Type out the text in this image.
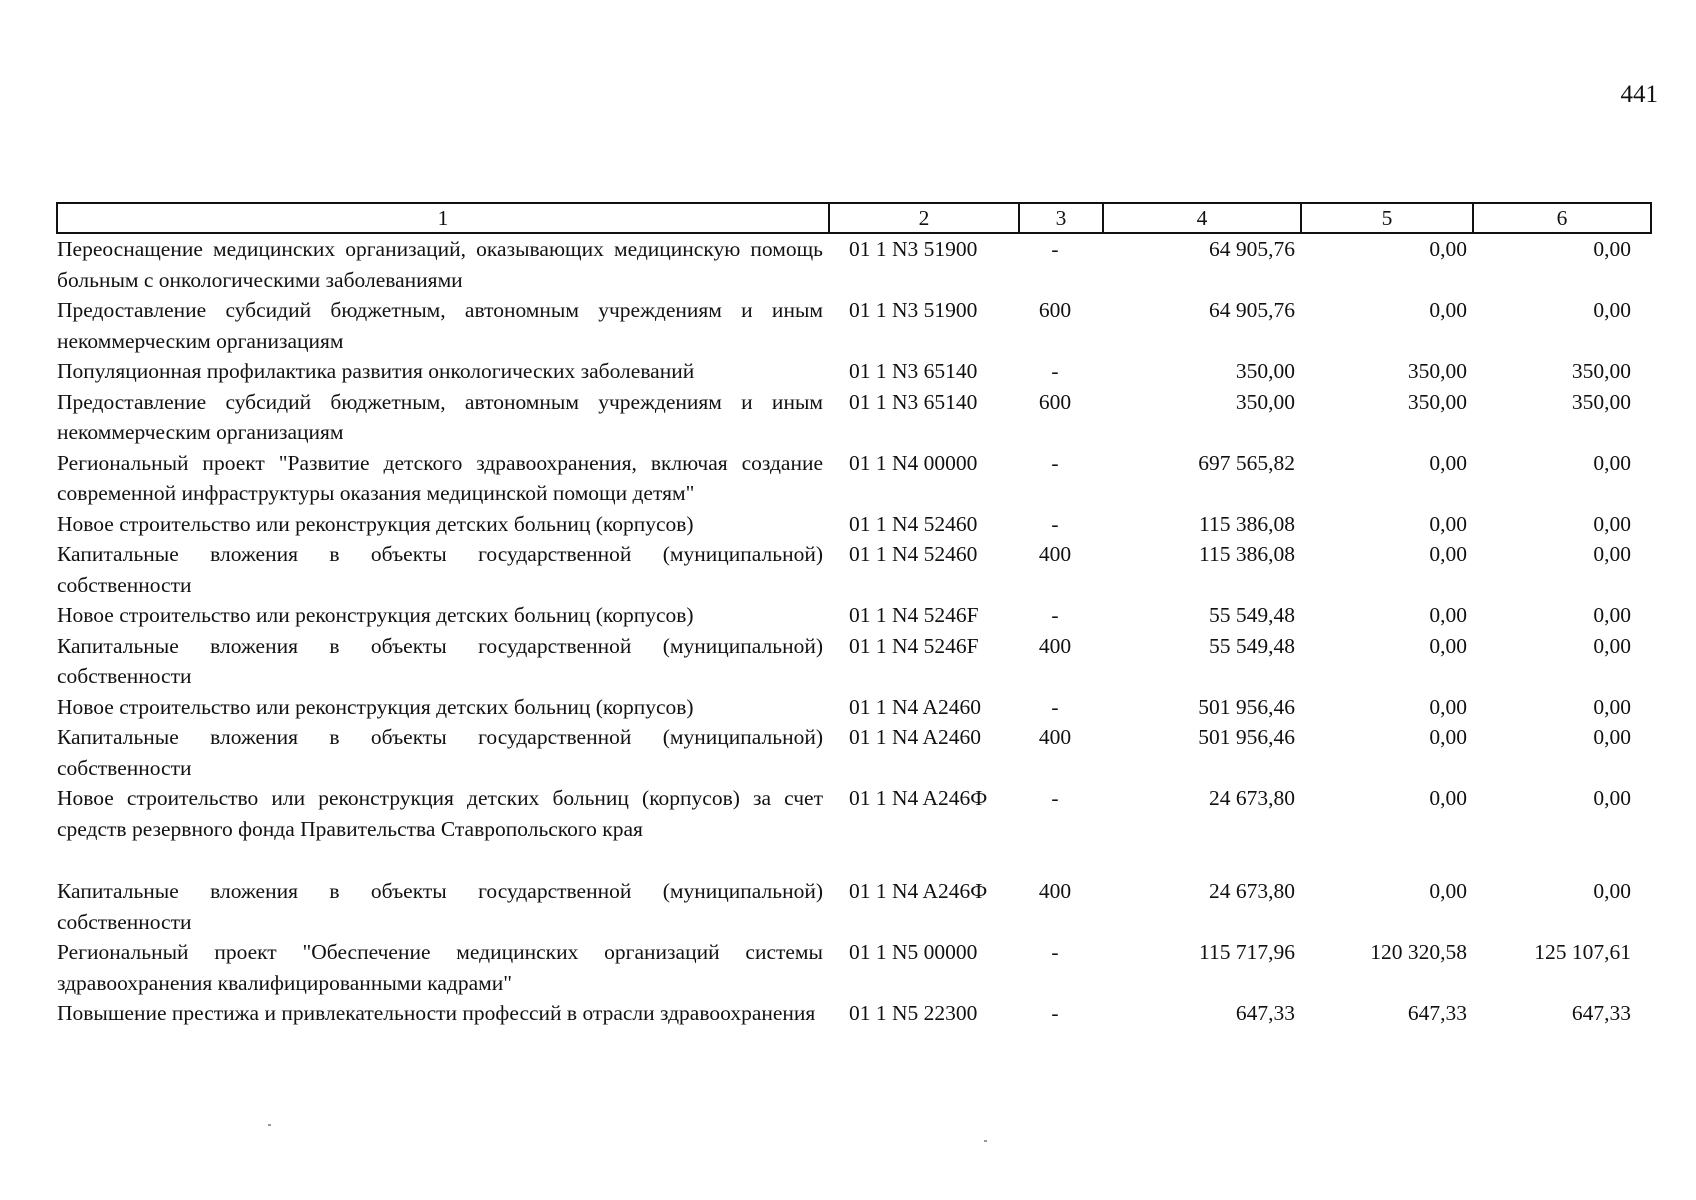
441
1	2	3	4	5	6
Переоснащение медицинских организаций, оказывающих медицинскую помощь больным с онкологическими заболеваниями	01 1 N3 51900	-	64 905,76	0,00	0,00
Предоставление субсидий бюджетным, автономным учреждениям и иным некоммерческим организациям	01 1 N3 51900	600	64 905,76	0,00	0,00
Популяционная профилактика развития онкологических заболеваний	01 1 N3 65140	-	350,00	350,00	350,00
Предоставление субсидий бюджетным, автономным учреждениям и иным некоммерческим организациям	01 1 N3 65140	600	350,00	350,00	350,00
Региональный проект "Развитие детского здравоохранения, включая создание современной инфраструктуры оказания медицинской помощи детям"	01 1 N4 00000	-	697 565,82	0,00	0,00
Новое строительство или реконструкция детских больниц (корпусов)	01 1 N4 52460	-	115 386,08	0,00	0,00
Капитальные вложения в объекты государственной (муниципальной) собственности	01 1 N4 52460	400	115 386,08	0,00	0,00
Новое строительство или реконструкция детских больниц (корпусов)	01 1 N4 5246F	-	55 549,48	0,00	0,00
Капитальные вложения в объекты государственной (муниципальной) собственности	01 1 N4 5246F	400	55 549,48	0,00	0,00
Новое строительство или реконструкция детских больниц (корпусов)	01 1 N4 A2460	-	501 956,46	0,00	0,00
Капитальные вложения в объекты государственной (муниципальной) собственности	01 1 N4 A2460	400	501 956,46	0,00	0,00
Новое строительство или реконструкция детских больниц (корпусов) за счет средств резервного фонда Правительства Ставропольского края	01 1 N4 A246Ф	-	24 673,80	0,00	0,00
Капитальные вложения в объекты государственной (муниципальной) собственности	01 1 N4 A246Ф	400	24 673,80	0,00	0,00
Региональный проект "Обеспечение медицинских организаций системы здравоохранения квалифицированными кадрами"	01 1 N5 00000	-	115 717,96	120 320,58	125 107,61
Повышение престижа и привлекательности профессий в отрасли здравоохранения	01 1 N5 22300	-	647,33	647,33	647,33
